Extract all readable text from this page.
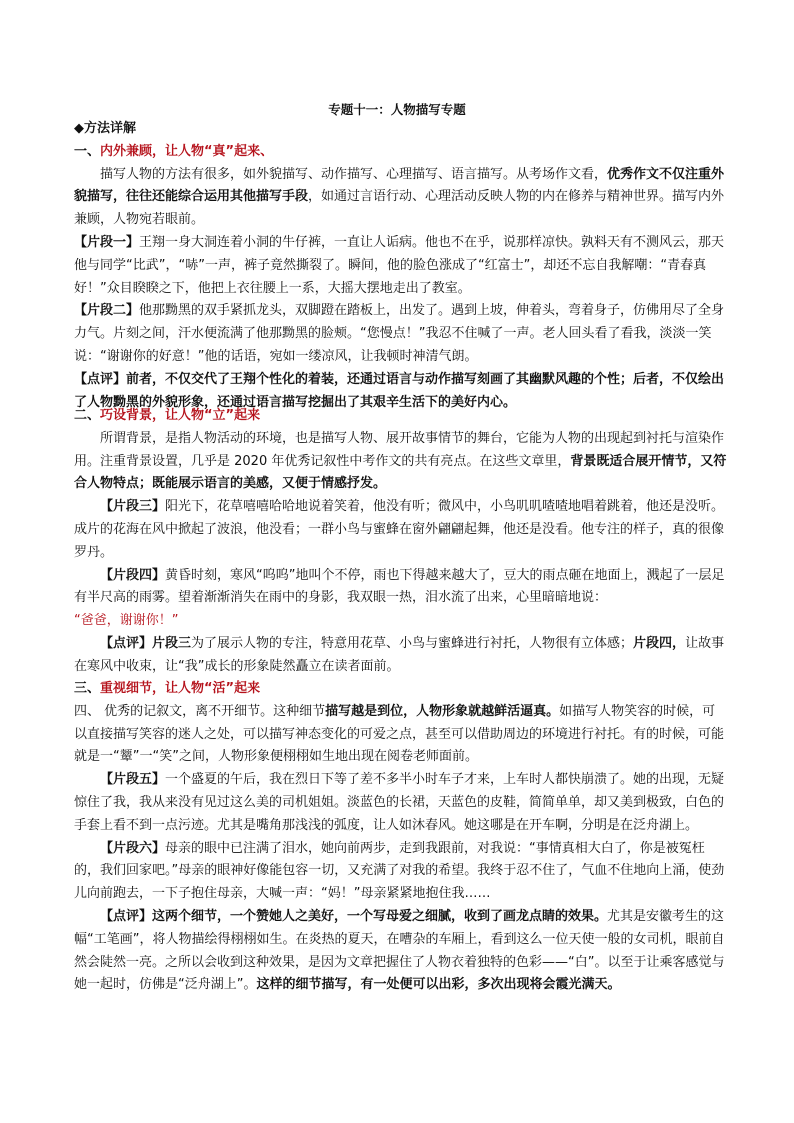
专题十一：人物描写专题

◆方法详解

一、内外兼顾，让人物“真”起来、

描写人物的方法有很多，如外貌描写、动作描写、心理描写、语言描写。从考场作文看，优秀作文不仅注重外貌描写，往往还能综合运用其他描写手段，如通过言语行动、心理活动反映人物的内在修养与精神世界。描写内外兼顾，人物宛若眼前。

【片段一】王翔一身大洞连着小洞的牛仔裤，一直让人诟病。他也不在乎，说那样凉快。孰料天有不测风云，那天他与同学“比武”，“哧”一声，裤子竟然撕裂了。瞬间，他的脸色涨成了“红富士”，却还不忘自我解嘲：“青春真好！”众目睽睽之下，他把上衣往腰上一系，大摇大摆地走出了教室。

【片段二】他那黝黑的双手紧抓龙头，双脚蹬在踏板上，出发了。遇到上坡，伸着头，弯着身子，仿佛用尽了全身力气。片刻之间，汗水便流满了他那黝黑的脸颊。“您慢点！”我忍不住喊了一声。老人回头看了看我，淡淡一笑说：“谢谢你的好意！”他的话语，宛如一缕凉风，让我顿时神清气朗。

【点评】前者，不仅交代了王翔个性化的着装，还通过语言与动作描写刻画了其幽默风趣的个性；后者，不仅绘出了人物黝黑的外貌形象，还通过语言描写挖掘出了其艰辛生活下的美好内心。

二、巧设背景，让人物“立”起来

所谓背景，是指人物活动的环境，也是描写人物、展开故事情节的舞台，它能为人物的出现起到衬托与渲染作用。注重背景设置，几乎是 2020 年优秀记叙性中考作文的共有亮点。在这些文章里，背景既适合展开情节，又符合人物特点；既能展示语言的美感，又便于情感抒发。

【片段三】阳光下，花草嘻嘻哈哈地说着笑着，他没有听；微风中，小鸟叽叽喳喳地唱着跳着，他还是没听。成片的花海在风中掀起了波浪，他没看；一群小鸟与蜜蜂在窗外翩翩起舞，他还是没看。他专注的样子，真的很像罗丹。

【片段四】黄昏时刻，寒风“呜呜”地叫个不停，雨也下得越来越大了，豆大的雨点砸在地面上，溅起了一层足有半尺高的雨雾。望着渐渐消失在雨中的身影，我双眼一热，泪水流了出来，心里暗暗地说：
“爸爸，谢谢你！”

【点评】片段三为了展示人物的专注，特意用花草、小鸟与蜜蜂进行衬托，人物很有立体感；片段四，让故事在寒风中收束，让“我”成长的形象陡然矗立在读者面前。

三、重视细节，让人物“活”起来

四、 优秀的记叙文，离不开细节。这种细节描写越是到位，人物形象就越鲜活逼真。如描写人物笑容的时候，可以直接描写笑容的迷人之处，可以描写神态变化的可爱之点，甚至可以借助周边的环境进行衬托。有的时候，可能就是一“颦”一“笑”之间，人物形象便栩栩如生地出现在阅卷老师面前。

【片段五】一个盛夏的午后，我在烈日下等了差不多半小时车子才来，上车时人都快崩溃了。她的出现，无疑惊住了我，我从来没有见过这么美的司机姐姐。淡蓝色的长裙，天蓝色的皮鞋，简简单单，却又美到极致，白色的手套上看不到一点污迹。尤其是嘴角那浅浅的弧度，让人如沐春风。她这哪是在开车啊，分明是在泛舟湖上。

【片段六】母亲的眼中已注满了泪水，她向前两步，走到我跟前，对我说：“事情真相大白了，你是被冤枉的，我们回家吧。”母亲的眼神好像能包容一切，又充满了对我的希望。我终于忍不住了，气血不住地向上涌，使劲儿向前跑去，一下子抱住母亲，大喊一声：“妈！”母亲紧紧地抱住我……

【点评】这两个细节，一个赞她人之美好，一个写母爱之细腻，收到了画龙点睛的效果。尤其是安徽考生的这幅“工笔画”，将人物描绘得栩栩如生。在炎热的夏天，在嘈杂的车厢上，看到这么一位天使一般的女司机，眼前自然会陡然一亮。之所以会收到这种效果，是因为文章把握住了人物衣着独特的色彩——“白”。以至于让乘客感觉与她一起时，仿佛是“泛舟湖上”。这样的细节描写，有一处便可以出彩，多次出现将会霞光满天。
